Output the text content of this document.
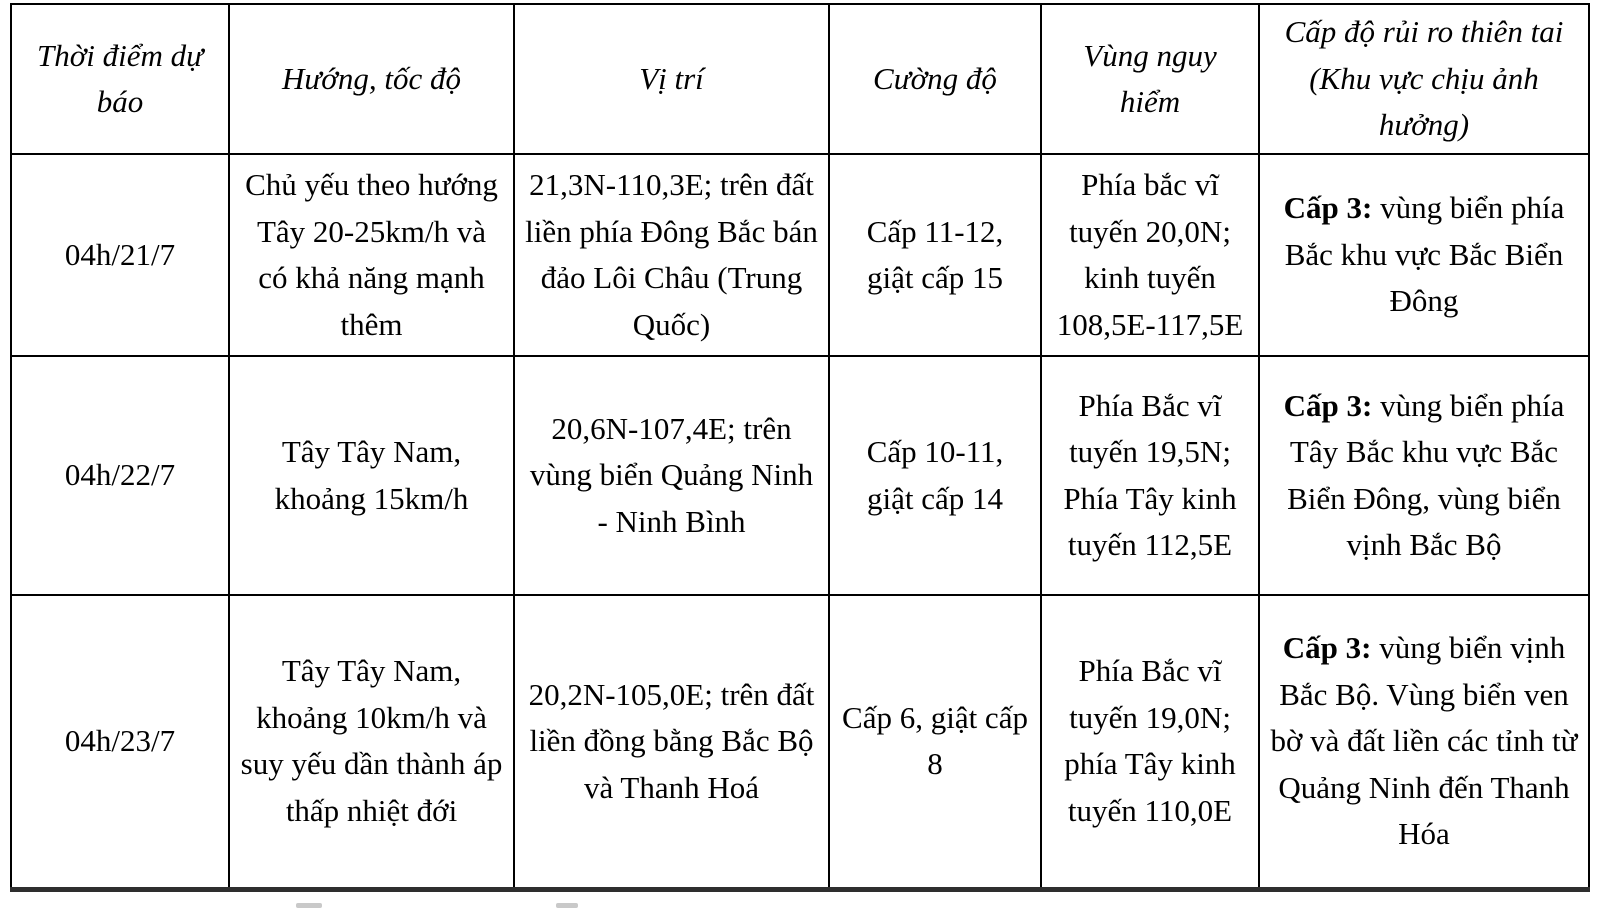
Thời điểm dự báo	Hướng, tốc độ	Vị trí	Cường độ	Vùng nguy hiểm	Cấp độ rủi ro thiên tai (Khu vực chịu ảnh hưởng)
04h/21/7	Chủ yếu theo hướng Tây 20-25km/h và có khả năng mạnh thêm	21,3N-110,3E; trên đất liền phía Đông Bắc bán đảo Lôi Châu (Trung Quốc)	Cấp 11-12, giật cấp 15	Phía bắc vĩ tuyến 20,0N; kinh tuyến 108,5E-117,5E	Cấp 3: vùng biển phía Bắc khu vực Bắc Biển Đông
04h/22/7	Tây Tây Nam, khoảng 15km/h	20,6N-107,4E; trên vùng biển Quảng Ninh - Ninh Bình	Cấp 10-11, giật cấp 14	Phía Bắc vĩ tuyến 19,5N; Phía Tây kinh tuyến 112,5E	Cấp 3: vùng biển phía Tây Bắc khu vực Bắc Biển Đông, vùng biển vịnh Bắc Bộ
04h/23/7	Tây Tây Nam, khoảng 10km/h và suy yếu dần thành áp thấp nhiệt đới	20,2N-105,0E; trên đất liền đồng bằng Bắc Bộ và Thanh Hoá	Cấp 6, giật cấp 8	Phía Bắc vĩ tuyến 19,0N; phía Tây kinh tuyến 110,0E	Cấp 3: vùng biển vịnh Bắc Bộ. Vùng biển ven bờ và đất liền các tỉnh từ Quảng Ninh đến Thanh Hóa
